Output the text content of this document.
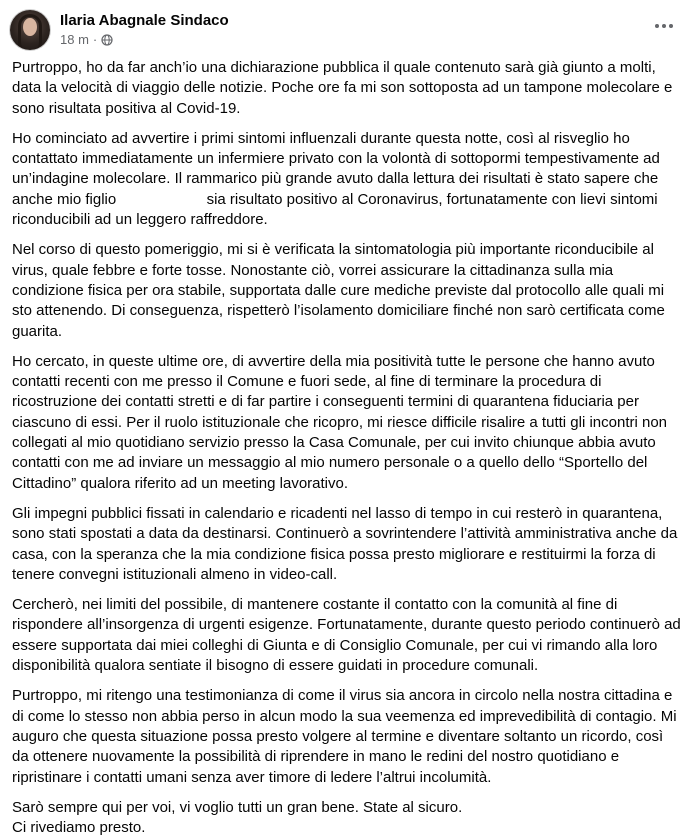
Ilaria Abagnale Sindaco
18 m ·

Purtroppo, ho da far anch’io una dichiarazione pubblica il quale contenuto sarà già giunto a molti, data la velocità di viaggio delle notizie. Poche ore fa mi son sottoposta ad un tampone molecolare e sono risultata positiva al Covid-19.

Ho cominciato ad avvertire i primi sintomi influenzali durante questa notte, così al risveglio ho contattato immediatamente un infermiere privato con la volontà di sottopormi tempestivamente ad un’indagine molecolare. Il rammarico più grande avuto dalla lettura dei risultati è stato sapere che anche mio figlio	sia risultato positivo al Coronavirus, fortunatamente con lievi sintomi riconducibili ad un leggero raffreddore.

Nel corso di questo pomeriggio, mi si è verificata la sintomatologia più importante riconducibile al virus, quale febbre e forte tosse. Nonostante ciò, vorrei assicurare la cittadinanza sulla mia condizione fisica per ora stabile, supportata dalle cure mediche previste dal protocollo alle quali mi sto attenendo. Di conseguenza, rispetterò l’isolamento domiciliare finché non sarò certificata come guarita.

Ho cercato, in queste ultime ore, di avvertire della mia positività tutte le persone che hanno avuto contatti recenti con me presso il Comune e fuori sede, al fine di terminare la procedura di ricostruzione dei contatti stretti e di far partire i conseguenti termini di quarantena fiduciaria per ciascuno di essi. Per il ruolo istituzionale che ricopro, mi riesce difficile risalire a tutti gli incontri non collegati al mio quotidiano servizio presso la Casa Comunale, per cui invito chiunque abbia avuto contatti con me ad inviare un messaggio al mio numero personale o a quello dello “Sportello del Cittadino” qualora riferito ad un meeting lavorativo.

Gli impegni pubblici fissati in calendario e ricadenti nel lasso di tempo in cui resterò in quarantena, sono stati spostati a data da destinarsi. Continuerò a sovrintendere l’attività amministrativa anche da casa, con la speranza che la mia condizione fisica possa presto migliorare e restituirmi la forza di tenere convegni istituzionali almeno in video-call.

Cercherò, nei limiti del possibile, di mantenere costante il contatto con la comunità al fine di rispondere all’insorgenza di urgenti esigenze. Fortunatamente, durante questo periodo continuerò ad essere supportata dai miei colleghi di Giunta e di Consiglio Comunale, per cui vi rimando alla loro disponibilità qualora sentiate il bisogno di essere guidati in procedure comunali.

Purtroppo, mi ritengo una testimonianza di come il virus sia ancora in circolo nella nostra cittadina e di come lo stesso non abbia perso in alcun modo la sua veemenza ed imprevedibilità di contagio. Mi auguro che questa situazione possa presto volgere al termine e diventare soltanto un ricordo, così da ottenere nuovamente la possibilità di riprendere in mano le redini del nostro quotidiano e ripristinare i contatti umani senza aver timore di ledere l’altrui incolumità.

Sarò sempre qui per voi, vi voglio tutti un gran bene. State al sicuro.
Ci rivediamo presto.
